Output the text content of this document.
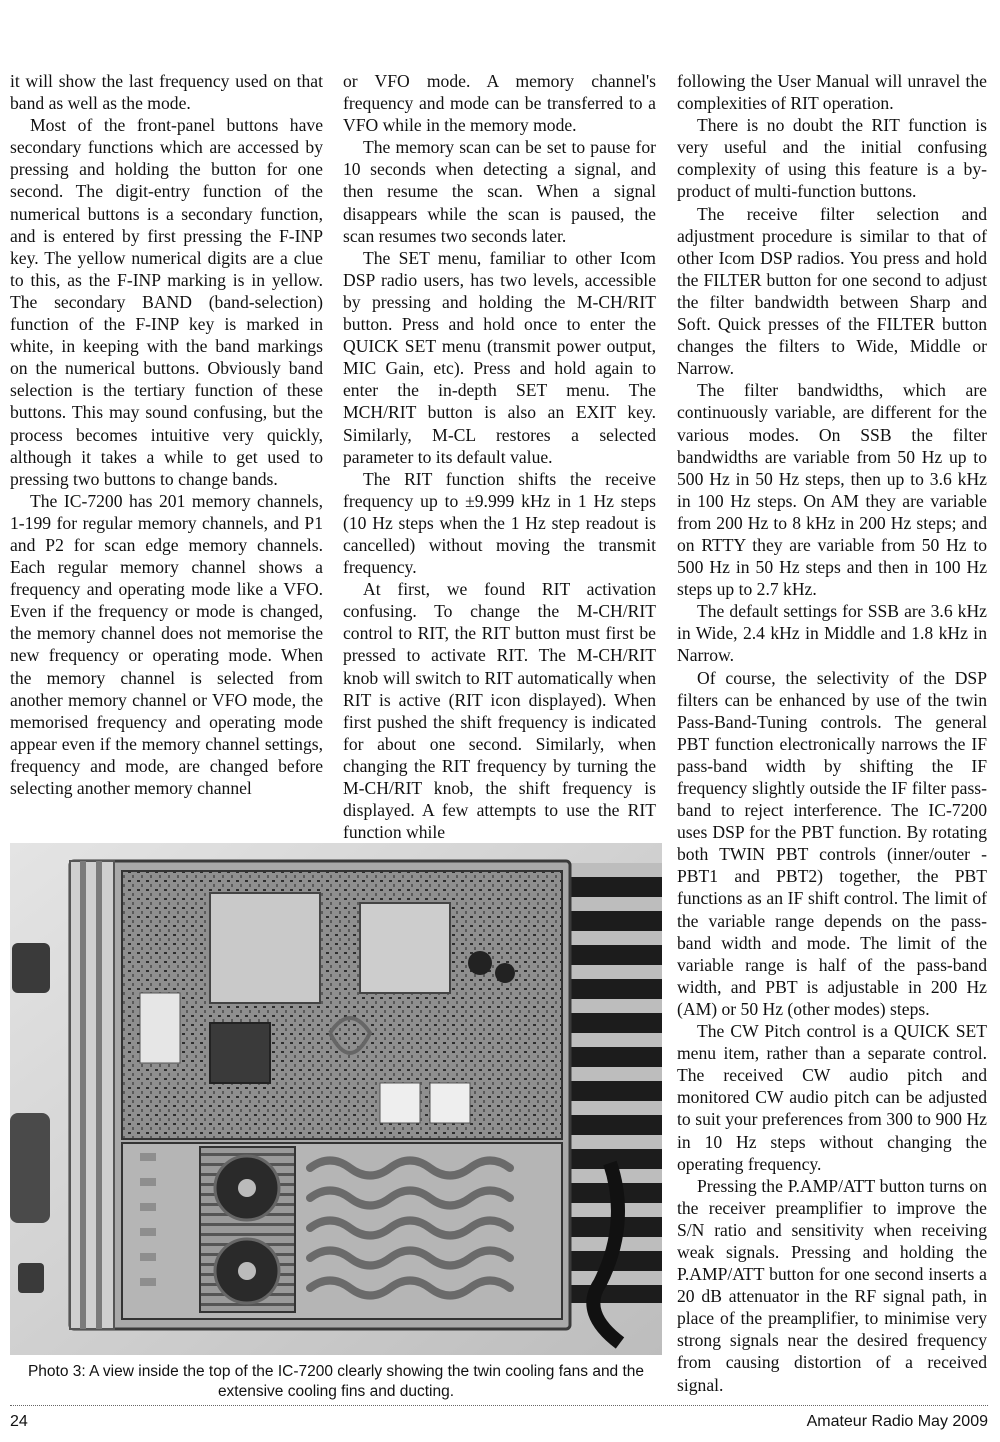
it will show the last frequency used on that band as well as the mode.

Most of the front-panel buttons have secondary functions which are accessed by pressing and holding the button for one second. The digit-entry function of the numerical buttons is a secondary function, and is entered by first pressing the F-INP key. The yellow numerical digits are a clue to this, as the F-INP marking is in yellow. The secondary BAND (band-selection) function of the F-INP key is marked in white, in keeping with the band markings on the numerical buttons. Obviously band selection is the tertiary function of these buttons. This may sound confusing, but the process becomes intuitive very quickly, although it takes a while to get used to pressing two buttons to change bands.

The IC-7200 has 201 memory channels, 1-199 for regular memory channels, and P1 and P2 for scan edge memory channels. Each regular memory channel shows a frequency and operating mode like a VFO. Even if the frequency or mode is changed, the memory channel does not memorise the new frequency or operating mode. When the memory channel is selected from another memory channel or VFO mode, the memorised frequency and operating mode appear even if the memory channel settings, frequency and mode, are changed before selecting another memory channel

or VFO mode. A memory channel's frequency and mode can be transferred to a VFO while in the memory mode.

The memory scan can be set to pause for 10 seconds when detecting a signal, and then resume the scan. When a signal disappears while the scan is paused, the scan resumes two seconds later.

The SET menu, familiar to other Icom DSP radio users, has two levels, accessible by pressing and holding the M-CH/RIT button. Press and hold once to enter the QUICK SET menu (transmit power output, MIC Gain, etc). Press and hold again to enter the in-depth SET menu. The MCH/RIT button is also an EXIT key. Similarly, M-CL restores a selected parameter to its default value.

The RIT function shifts the receive frequency up to ±9.999 kHz in 1 Hz steps (10 Hz steps when the 1 Hz step readout is cancelled) without moving the transmit frequency.

At first, we found RIT activation confusing. To change the M-CH/RIT control to RIT, the RIT button must first be pressed to activate RIT. The M-CH/RIT knob will switch to RIT automatically when RIT is active (RIT icon displayed). When first pushed the shift frequency is indicated for about one second. Similarly, when changing the RIT frequency by turning the M-CH/RIT knob, the shift frequency is displayed. A few attempts to use the RIT function while

following the User Manual will unravel the complexities of RIT operation.

There is no doubt the RIT function is very useful and the initial confusing complexity of using this feature is a by-product of multi-function buttons.

The receive filter selection and adjustment procedure is similar to that of other Icom DSP radios. You press and hold the FILTER button for one second to adjust the filter bandwidth between Sharp and Soft. Quick presses of the FILTER button changes the filters to Wide, Middle or Narrow.

The filter bandwidths, which are continuously variable, are different for the various modes. On SSB the filter bandwidths are variable from 50 Hz up to 500 Hz in 50 Hz steps, then up to 3.6 kHz in 100 Hz steps. On AM they are variable from 200 Hz to 8 kHz in 200 Hz steps; and on RTTY they are variable from 50 Hz to 500 Hz in 50 Hz steps and then in 100 Hz steps up to 2.7 kHz.

The default settings for SSB are 3.6 kHz in Wide, 2.4 kHz in Middle and 1.8 kHz in Narrow.

Of course, the selectivity of the DSP filters can be enhanced by use of the twin Pass-Band-Tuning controls. The general PBT function electronically narrows the IF pass-band width by shifting the IF frequency slightly outside the IF filter pass-band to reject interference. The IC-7200 uses DSP for the PBT function. By rotating both TWIN PBT controls (inner/outer - PBT1 and PBT2) together, the PBT functions as an IF shift control. The limit of the variable range depends on the pass-band width and mode. The limit of the variable range is half of the pass-band width, and PBT is adjustable in 200 Hz (AM) or 50 Hz (other modes) steps.

The CW Pitch control is a QUICK SET menu item, rather than a separate control. The received CW audio pitch and monitored CW audio pitch can be adjusted to suit your preferences from 300 to 900 Hz in 10 Hz steps without changing the operating frequency.

Pressing the P.AMP/ATT button turns on the receiver preamplifier to improve the S/N ratio and sensitivity when receiving weak signals. Pressing and holding the P.AMP/ATT button for one second inserts a 20 dB attenuator in the RF signal path, in place of the preamplifier, to minimise very strong signals near the desired frequency from causing distortion of a received signal.

Photo 3: A view inside the top of the IC-7200 clearly showing the twin cooling fans and the extensive cooling fins and ducting.
24	Amateur Radio May 2009
